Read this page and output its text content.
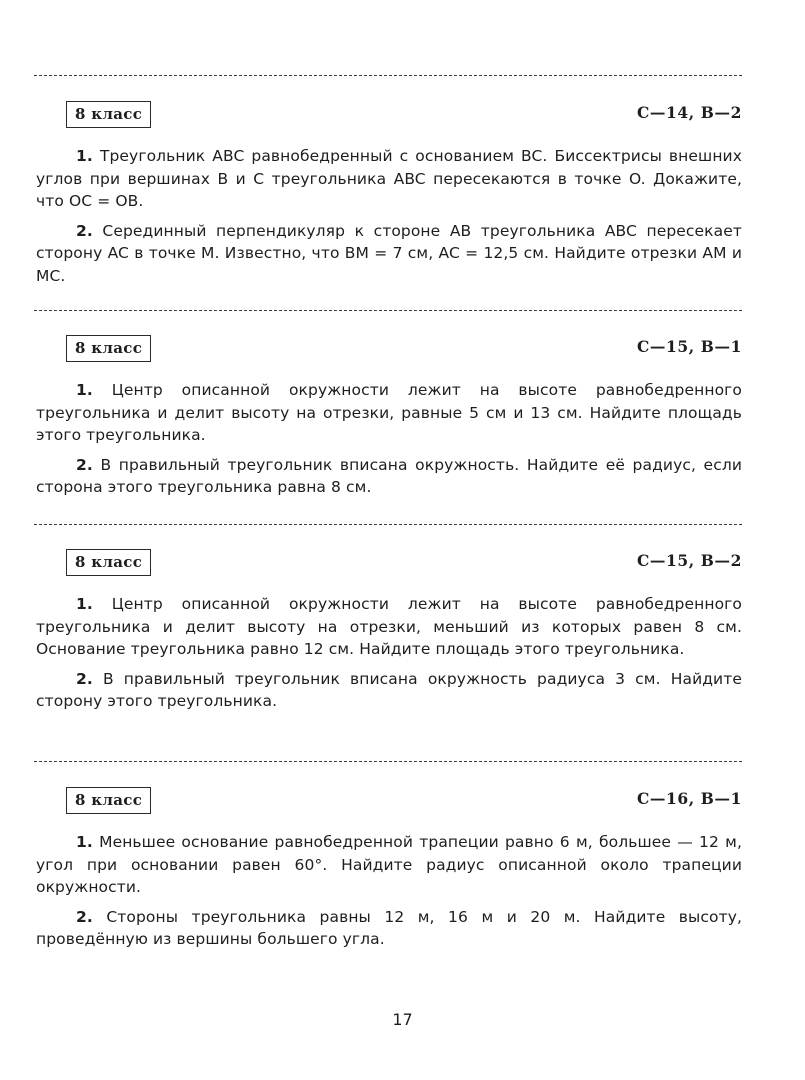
8 класс	С—14, В—2

1. Треугольник ABC равнобедренный с основанием BC. Биссектрисы внешних углов при вершинах B и C треугольника ABC пересекаются в точке O. Докажите, что OC = OB.

2. Серединный перпендикуляр к стороне AB треугольника ABC пересекает сторону AC в точке M. Известно, что BM = 7 см, AC = 12,5 см. Найдите отрезки AM и MC.

8 класс	С—15, В—1

1. Центр описанной окружности лежит на высоте равнобедренного треугольника и делит высоту на отрезки, равные 5 см и 13 см. Найдите площадь этого треугольника.

2. В правильный треугольник вписана окружность. Найдите её радиус, если сторона этого треугольника равна 8 см.

8 класс	С—15, В—2

1. Центр описанной окружности лежит на высоте равнобедренного треугольника и делит высоту на отрезки, меньший из которых равен 8 см. Основание треугольника равно 12 см. Найдите площадь этого треугольника.

2. В правильный треугольник вписана окружность радиуса 3 см. Найдите сторону этого треугольника.

8 класс	С—16, В—1

1. Меньшее основание равнобедренной трапеции равно 6 м, большее — 12 м, угол при основании равен 60°. Найдите радиус описанной около трапеции окружности.

2. Стороны треугольника равны 12 м, 16 м и 20 м. Найдите высоту, проведённую из вершины большего угла.

17
